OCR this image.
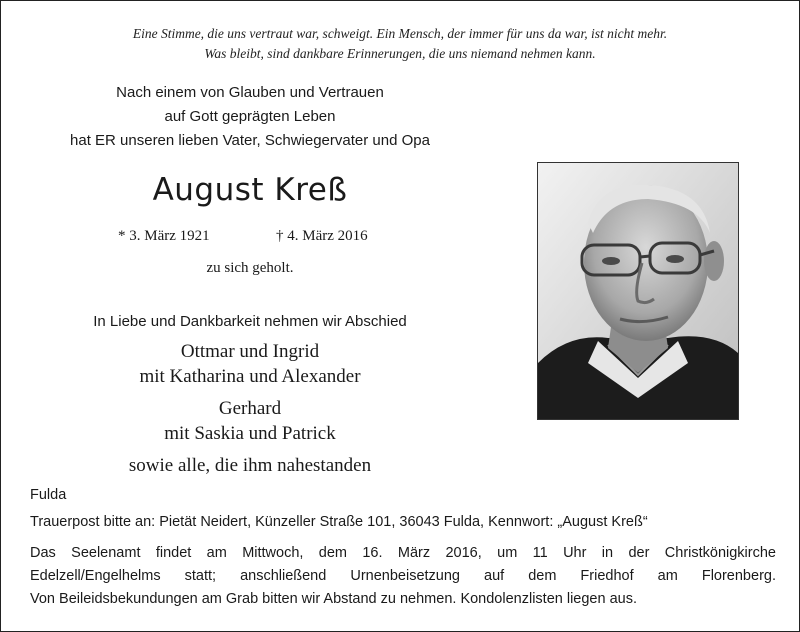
Eine Stimme, die uns vertraut war, schweigt. Ein Mensch, der immer für uns da war, ist nicht mehr.
Was bleibt, sind dankbare Erinnerungen, die uns niemand nehmen kann.
Nach einem von Glauben und Vertrauen
auf Gott geprägten Leben
hat ER unseren lieben Vater, Schwiegervater und Opa
August Kreß
* 3. März 1921	† 4. März 2016
zu sich geholt.
In Liebe und Dankbarkeit nehmen wir Abschied
Ottmar und Ingrid
mit Katharina und Alexander
Gerhard
mit Saskia und Patrick
sowie alle, die ihm nahestanden
Fulda
Trauerpost bitte an: Pietät Neidert, Künzeller Straße 101, 36043 Fulda, Kennwort: „August Kreß“
Das Seelenamt findet am Mittwoch, dem 16. März 2016, um 11 Uhr in der Christkönigkirche
Edelzell/Engelhelms statt; anschließend Urnenbeisetzung auf dem Friedhof am Florenberg.
Von Beileidsbekundungen am Grab bitten wir Abstand zu nehmen. Kondolenzlisten liegen aus.
